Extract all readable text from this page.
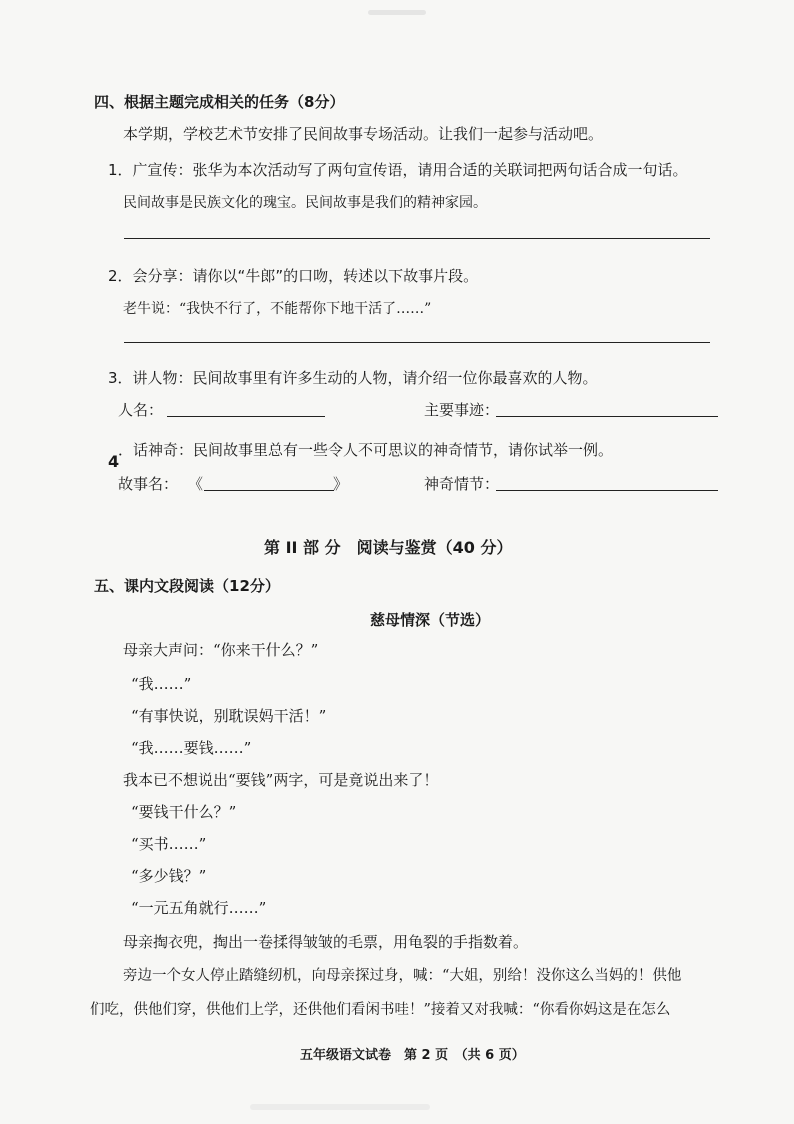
四、根据主题完成相关的任务（8分）
本学期，学校艺术节安排了民间故事专场活动。让我们一起参与活动吧。
1．广宣传：张华为本次活动写了两句宣传语，请用合适的关联词把两句话合成一句话。
民间故事是民族文化的瑰宝。民间故事是我们的精神家园。
2．会分享：请你以“牛郎”的口吻，转述以下故事片段。
老牛说：“我快不行了，不能帮你下地干活了……”
3．讲人物：民间故事里有许多生动的人物，请介绍一位你最喜欢的人物。
人名：	主要事迹：
4
．话神奇：民间故事里总有一些令人不可思议的神奇情节，请你试举一例。
故事名： 《	》	神奇情节：
第 II 部 分　阅读与鉴赏（40 分）
五、课内文段阅读（12分）
慈母情深（节选）
母亲大声问：“你来干什么？”
“我……”
“有事快说，别耽误妈干活！”
“我……要钱……”
我本已不想说出“要钱”两字，可是竟说出来了！
“要钱干什么？”
“买书……”
“多少钱？”
“一元五角就行……”
母亲掏衣兜，掏出一卷揉得皱皱的毛票，用龟裂的手指数着。
旁边一个女人停止踏缝纫机，向母亲探过身，喊：“大姐，别给！没你这么当妈的！供他
们吃，供他们穿，供他们上学，还供他们看闲书哇！”接着又对我喊：“你看你妈这是在怎么
五年级语文试卷　第 2 页　（共 6 页）
